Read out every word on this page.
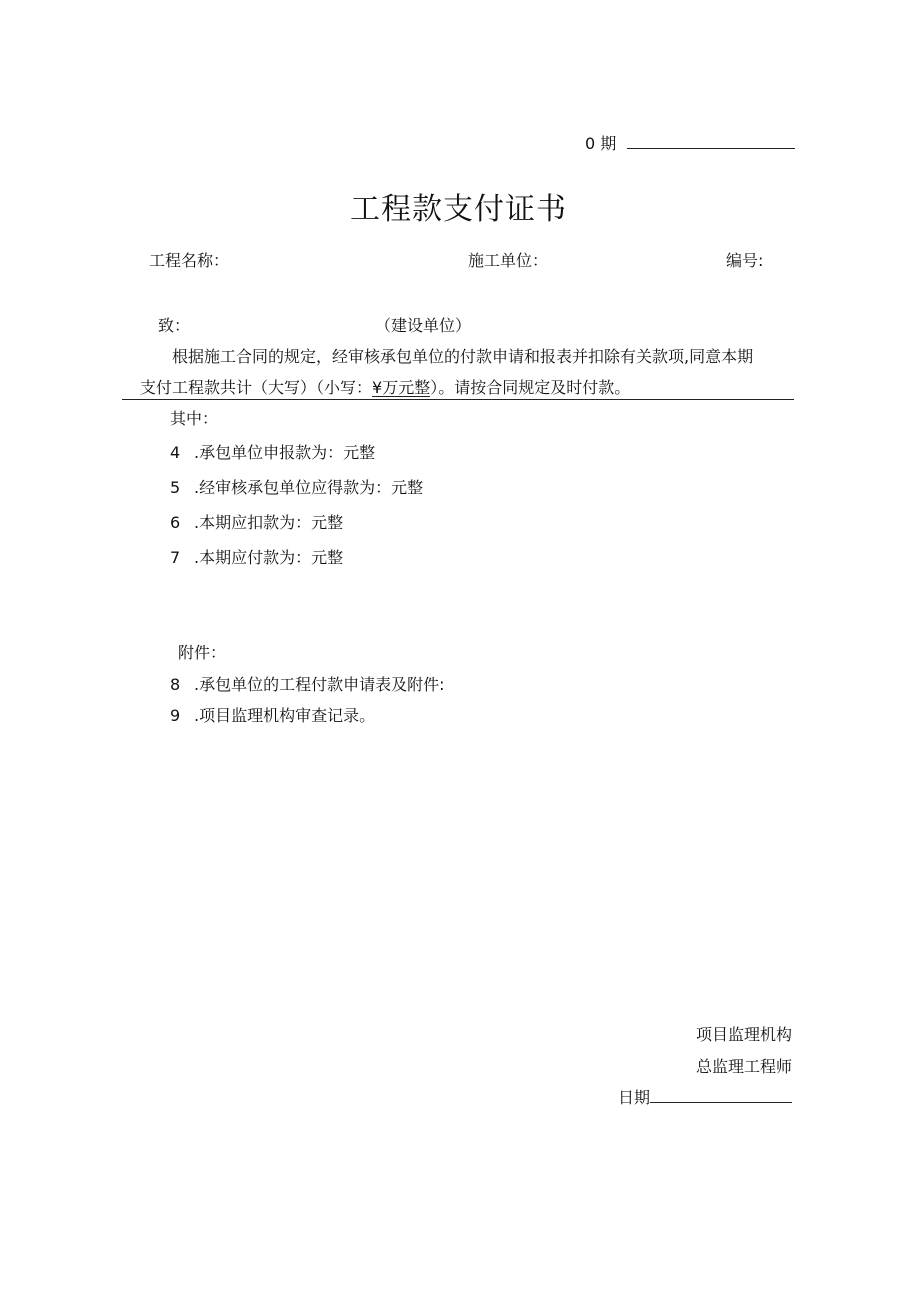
0 期
工程款支付证书
工程名称：	施工单位：	编号:
致：	（建设单位）
根据施工合同的规定，经审核承包单位的付款申请和报表并扣除有关款项,同意本期
支付工程款共计（大写）（小写：¥万元整）。请按合同规定及时付款。
其中：
4 .承包单位申报款为：元整
5 .经审核承包单位应得款为：元整
6 .本期应扣款为：元整
7 .本期应付款为：元整
附件：
8 .承包单位的工程付款申请表及附件:
9 .项目监理机构审查记录。
项目监理机构
总监理工程师
日期
